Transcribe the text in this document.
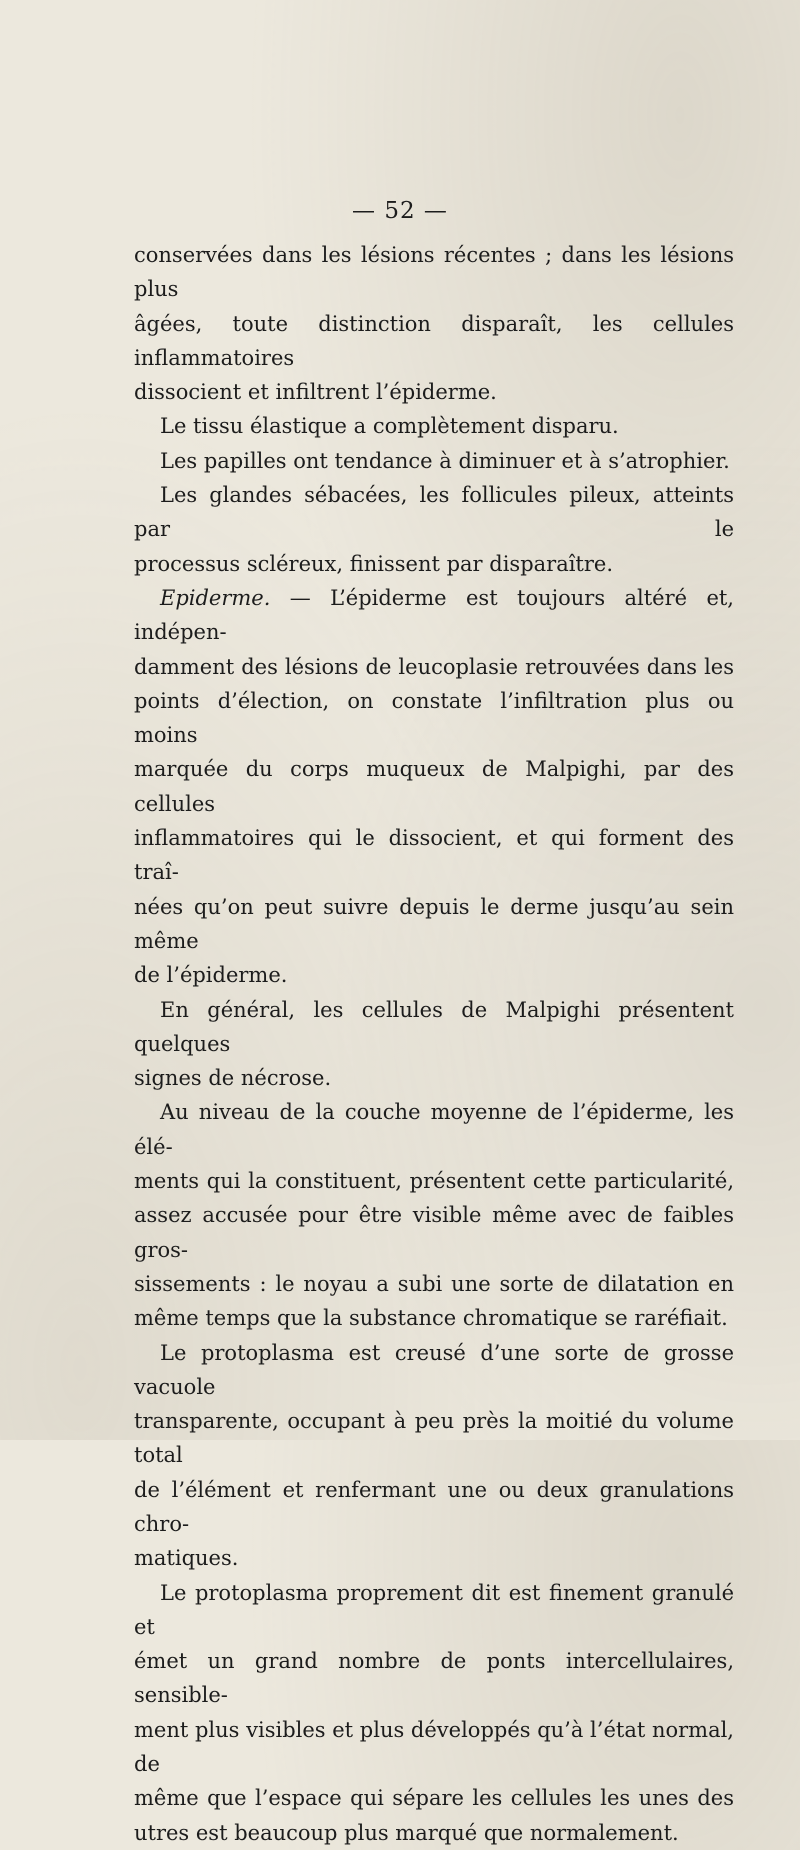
— 52 —

conservées dans les lésions récentes ; dans les lésions plus

âgées, toute distinction disparaît, les cellules inflammatoires

dissocient et infiltrent l’épiderme.

Le tissu élastique a complètement disparu.

Les papilles ont tendance à diminuer et à s’atrophier.

Les glandes sébacées, les follicules pileux, atteints par le

processus scléreux, finissent par disparaître.

Epiderme. — L’épiderme est toujours altéré et, indépen-

damment des lésions de leucoplasie retrouvées dans les

points d’élection, on constate l’infiltration plus ou moins

marquée du corps muqueux de Malpighi, par des cellules

inflammatoires qui le dissocient, et qui forment des traî-

nées qu’on peut suivre depuis le derme jusqu’au sein même

de l’épiderme.

En général, les cellules de Malpighi présentent quelques

signes de nécrose.

Au niveau de la couche moyenne de l’épiderme, les élé-

ments qui la constituent, présentent cette particularité,

assez accusée pour être visible même avec de faibles gros-

sissements : le noyau a subi une sorte de dilatation en

même temps que la substance chromatique se raréfiait.

Le protoplasma est creusé d’une sorte de grosse vacuole

transparente, occupant à peu près la moitié du volume total

de l’élément et renfermant une ou deux granulations chro-

matiques.

Le protoplasma proprement dit est finement granulé et

émet un grand nombre de ponts intercellulaires, sensible-

ment plus visibles et plus développés qu’à l’état normal, de

même que l’espace qui sépare les cellules les unes des

utres est beaucoup plus marqué que normalement.
